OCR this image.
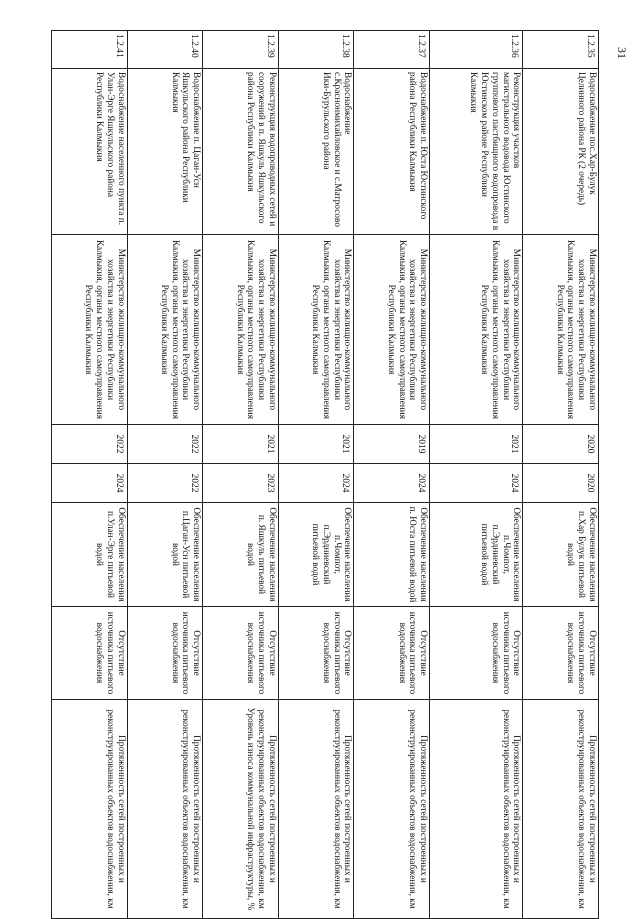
1.2.35	Водоснабжение пос.Хар-Булук Целинного района РК (2 очередь)	Министерство жилищно-коммунального хозяйства и энергетики Республики Калмыкия, органы местного самоуправления Республики Калмыкия	2020	2020	Обеспечение населения п.Хар Булук питьевой водой	Отсутствие источника питьевого водоснабжения	Протяженность сетей построенных и реконструированных объектов водоснабжения, км
1.2.36	Реконструкция участков магистрального водовода Юстинского группового пастбищного водопровода в Юстинском районе Республики Калмыкия	Министерство жилищно-коммунального хозяйства и энергетики Республики Калмыкия, органы местного самоуправления Республики Калмыкия	2021	2024	Обеспечение населения п.Чомпот, п.Эрдниевский питьевой водой	Отсутствие источника питьевого водоснабжения	Протяженность сетей построенных и реконструированных объектов водоснабжения, км
1.2.37	Водоснабжение п. Юста Юстинского района Республики Калмыкия	Министерство жилищно-коммунального хозяйства и энергетики Республики Калмыкия, органы местного самоуправления Республики Калмыкия	2019	2024	Обеспечение населения п. Юста питьевой водой	Отсутствие источника питьевого водоснабжения	Протяженность сетей построенных и реконструированных объектов водоснабжения, км
1.2.38	Водоснабжение с.Краснонмихайловское и с.Матросово Ики-Бурульского района	Министерство жилищно-коммунального хозяйства и энергетики Республики Калмыкия, органы местного самоуправления Республики Калмыкия	2021	2024	Обеспечение населения п.Чомпот, п.Эрдниевский питьевой водой	Отсутствие источника питьевого водоснабжения	Протяженность сетей построенных и реконструированных объектов водоснабжения, км
1.2.39	Реконструкция водопроводных сетей и сооружений в п. Яшкуль Яшкульского района Республики Калмыкия	Министерство жилищно-коммунального хозяйства и энергетики Республики Калмыкия, органы местного самоуправления Республики Калмыкия	2021	2023	Обеспечение населения п. Яшкуль питьевой водой	Отсутствие источника питьевого водоснабжения	Протяженность сетей построенных и реконструированных объектов водоснабжения, км Уровень износа коммунальной инфраструктуры, %
1.2.40	Водоснабжение п. Цаган-Усн Яшкульского района Республики Калмыкия	Министерство жилищно-коммунального хозяйства и энергетики Республики Калмыкия, органы местного самоуправления Республики Калмыкия	2022	2022	Обеспечение населения п.Цаган-Усн питьевой водой	Отсутствие источника питьевого водоснабжения	Протяженность сетей построенных и реконструированных объектов водоснабжения, км
1.2.41	Водоснабжение населенного пункта п. Улан-Эрге Яшкульского района Республики Калмыкия	Министерство жилищно-коммунального хозяйства и энергетики Республики Калмыкия, органы местного самоуправления Республики Калмыкия	2022	2024	Обеспечение населения п.Улан-Эрге питьевой водой	Отсутствие источника питьевого водоснабжения	Протяженность сетей построенных и реконструированных объектов водоснабжения, км
31
